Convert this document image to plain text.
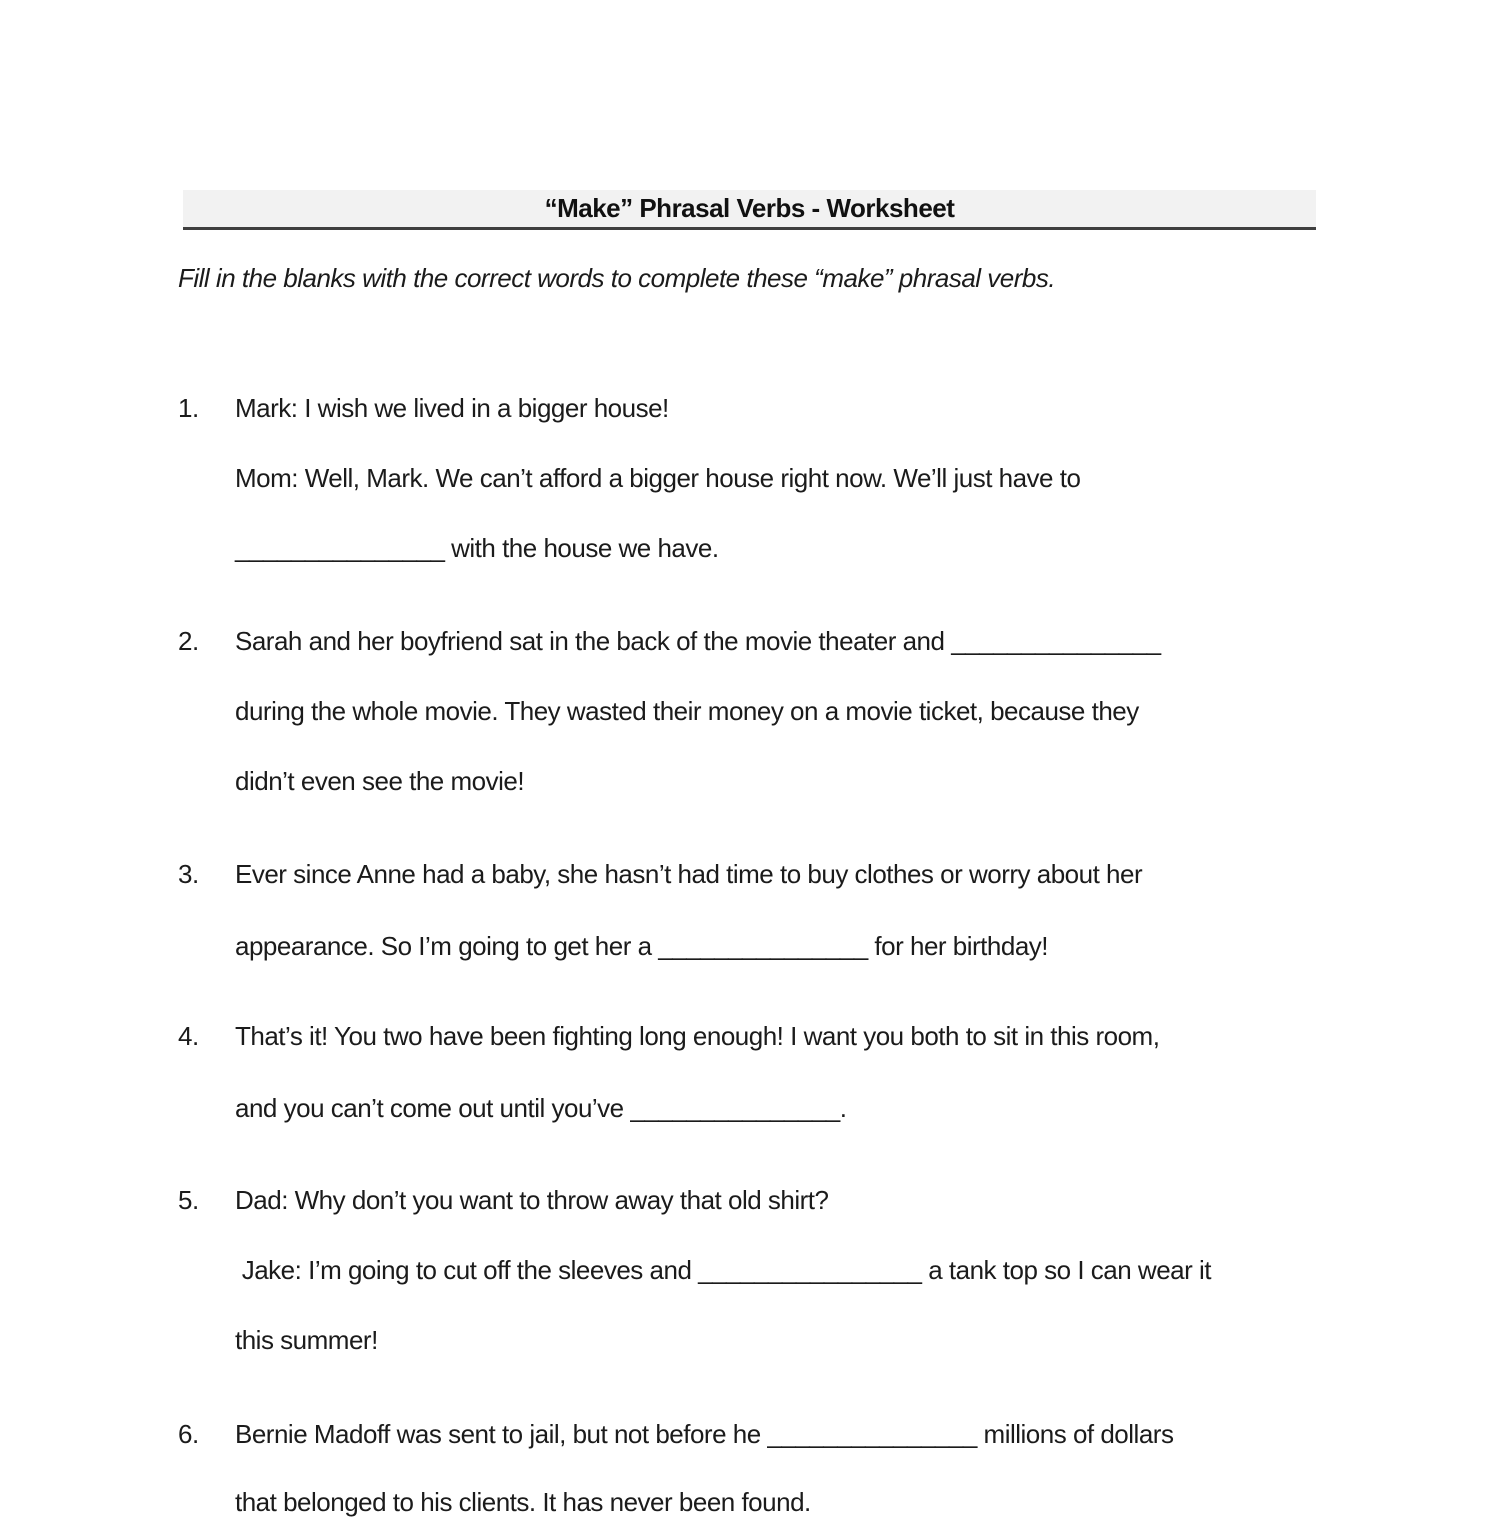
“Make” Phrasal Verbs - Worksheet
Fill in the blanks with the correct words to complete these “make” phrasal verbs.
1. Mark: I wish we lived in a bigger house!
Mom: Well, Mark. We can’t afford a bigger house right now. We’ll just have to
_______________ with the house we have.
2. Sarah and her boyfriend sat in the back of the movie theater and _______________
during the whole movie. They wasted their money on a movie ticket, because they
didn’t even see the movie!
3. Ever since Anne had a baby, she hasn’t had time to buy clothes or worry about her
appearance. So I’m going to get her a _______________ for her birthday!
4. That’s it! You two have been fighting long enough! I want you both to sit in this room,
and you can’t come out until you’ve _______________.
5. Dad: Why don’t you want to throw away that old shirt?
Jake: I’m going to cut off the sleeves and ________________ a tank top so I can wear it
this summer!
6. Bernie Madoff was sent to jail, but not before he _______________ millions of dollars
that belonged to his clients. It has never been found.
